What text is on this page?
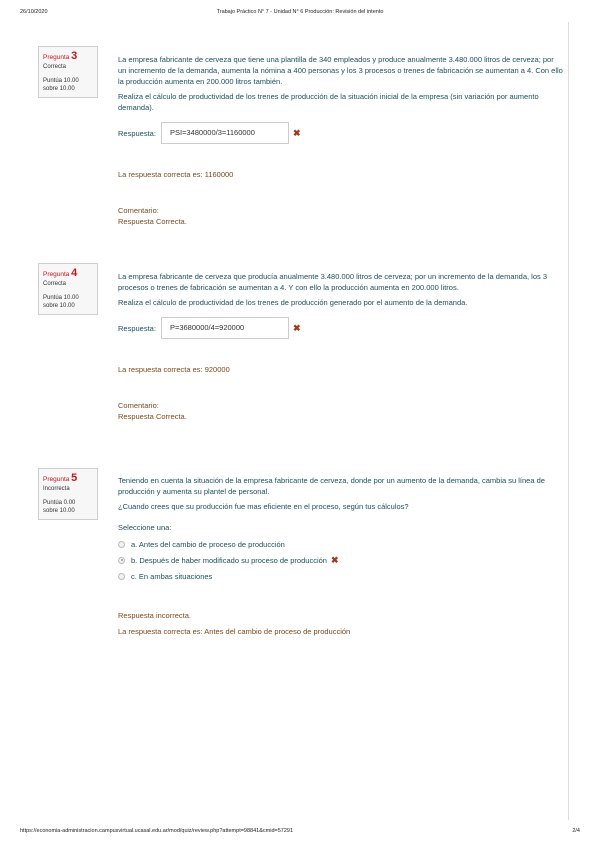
26/10/2020	Trabajo Práctico N° 7 - Unidad N° 6 Producción: Revisión del intento
Pregunta 3
Correcta
Puntúa 10.00
sobre 10.00

La empresa fabricante de cerveza que tiene una plantilla de 340 empleados y produce anualmente 3.480.000 litros de cerveza; por un incremento de la demanda, aumenta la nómina a 400 personas y los 3 procesos o trenes de fabricación se aumentan a 4. Con ello la producción aumenta en 200.000 litros también.

Realiza el cálculo de productividad de los trenes de producción de la situación inicial de la empresa (sin variación por aumento demanda).

Respuesta:	PSI=3480000/3=1160000	✖
La respuesta correcta es: 1160000
Comentario:
Respuesta Correcta.
Pregunta 4
Correcta
Puntúa 10.00
sobre 10.00

La empresa fabricante de cerveza que producía anualmente 3.480.000 litros de cerveza; por un incremento de la demanda, los 3 procesos o trenes de fabricación se aumentan a 4. Y con ello la producción aumenta en 200.000 litros.

Realiza el cálculo de productividad de los trenes de producción generado por el aumento de la demanda.

Respuesta:	P=3680000/4=920000	✖
La respuesta correcta es: 920000
Comentario:
Respuesta Correcta.
Pregunta 5
Incorrecta
Puntúa 0.00
sobre 10.00

Teniendo en cuenta la situación de la empresa fabricante de cerveza, donde por un aumento de la demanda, cambia su línea de producción y aumenta su plantel de personal.

¿Cuando crees que su producción fue mas eficiente en el proceso, según tus cálculos?

Seleccione una:
a. Antes del cambio de proceso de producción
b. Después de haber modificado su proceso de producción ✖
c. En ambas situaciones
Respuesta incorrecta.
La respuesta correcta es: Antes del cambio de proceso de producción
https://economia-administracion.campusvirtual.ucasal.edu.ar/mod/quiz/review.php?attempt=98841&cmid=57291	2/4
